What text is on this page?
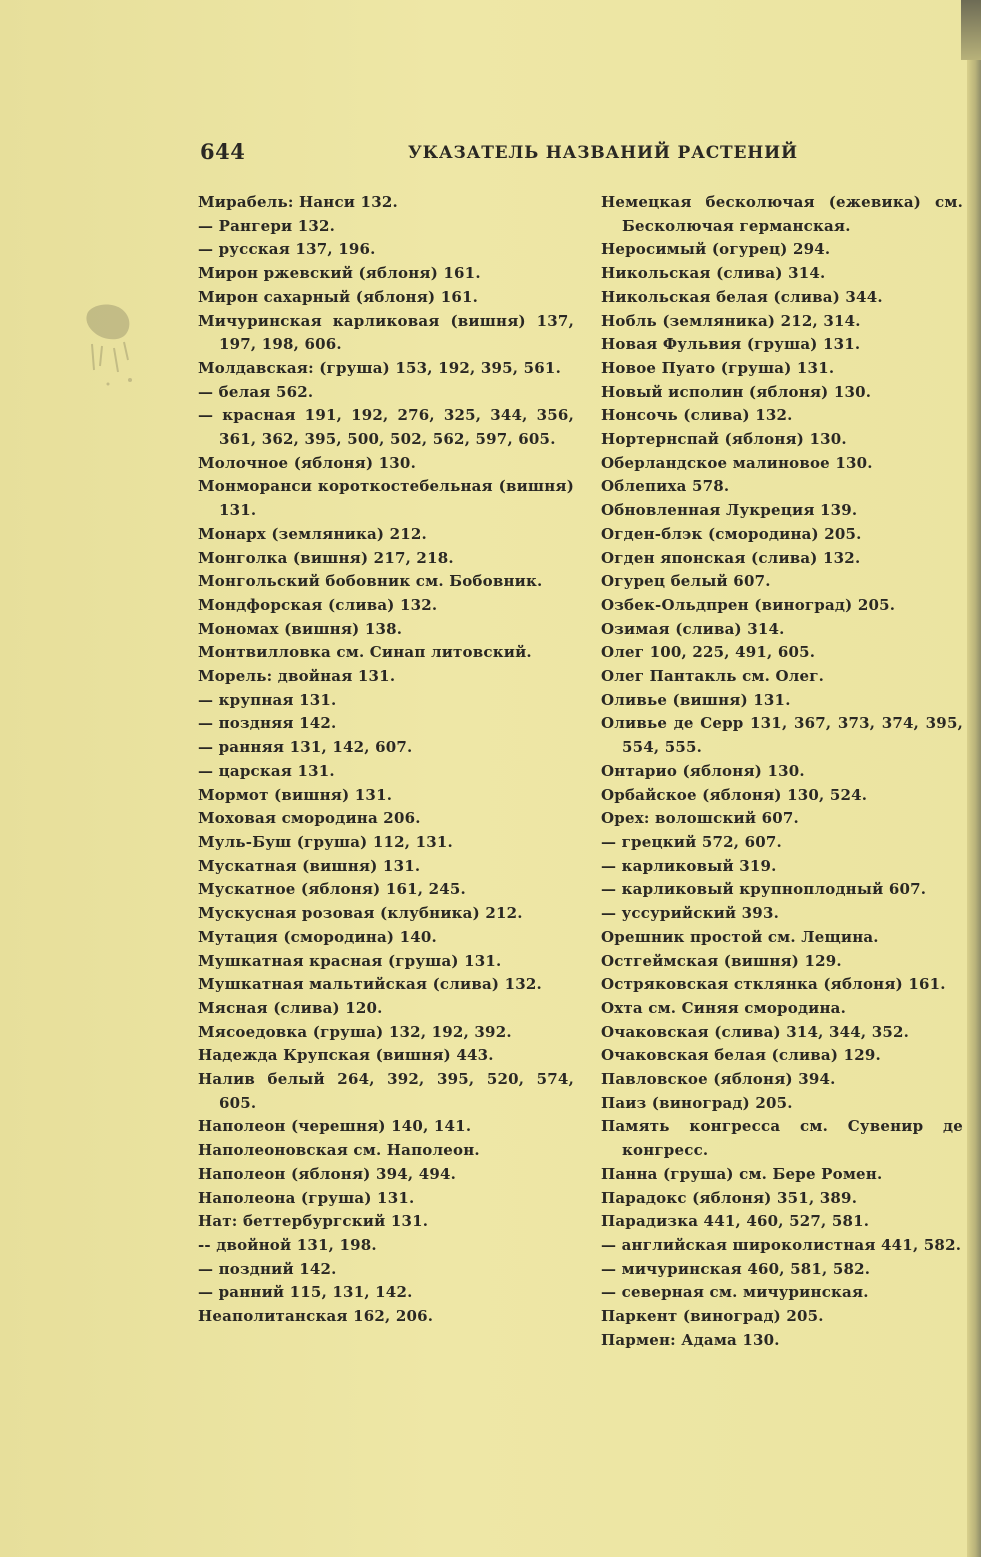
644	УКАЗАТЕЛЬ НАЗВАНИЙ РАСТЕНИЙ
Мирабель: Нанси 132.
— Рангери 132.
— русская 137, 196.
Мирон ржевский (яблоня) 161.
Мирон сахарный (яблоня) 161.
Мичуринская карликовая (вишня) 137, 197, 198, 606.
Молдавская: (груша) 153, 192, 395, 561.
— белая 562.
— красная 191, 192, 276, 325, 344, 356, 361, 362, 395, 500, 502, 562, 597, 605.
Молочное (яблоня) 130.
Монморанси короткостебельная (вишня) 131.
Монарх (земляника) 212.
Монголка (вишня) 217, 218.
Монгольский бобовник см. Бобовник.
Мондфорская (слива) 132.
Мономах (вишня) 138.
Монтвилловка см. Синап литовский.
Морель: двойная 131.
— крупная 131.
— поздняя 142.
— ранняя 131, 142, 607.
— царская 131.
Мормот (вишня) 131.
Моховая смородина 206.
Муль-Буш (груша) 112, 131.
Мускатная (вишня) 131.
Мускатное (яблоня) 161, 245.
Мускусная розовая (клубника) 212.
Мутация (смородина) 140.
Мушкатная красная (груша) 131.
Мушкатная мальтийская (слива) 132.
Мясная (слива) 120.
Мясоедовка (груша) 132, 192, 392.
Надежда Крупская (вишня) 443.
Налив белый 264, 392, 395, 520, 574, 605.
Наполеон (черешня) 140, 141.
Наполеоновская см. Наполеон.
Наполеон (яблоня) 394, 494.
Наполеона (груша) 131.
Нат: беттербургский 131.
-- двойной 131, 198.
— поздний 142.
— ранний 115, 131, 142.
Неаполитанская 162, 206.
Немецкая бесколючая (ежевика) см. Бесколючая германская.
Неросимый (огурец) 294.
Никольская (слива) 314.
Никольская белая (слива) 344.
Нобль (земляника) 212, 314.
Новая Фульвия (груша) 131.
Новое Пуато (груша) 131.
Новый исполин (яблоня) 130.
Нонсочь (слива) 132.
Нортернспай (яблоня) 130.
Оберландское малиновое 130.
Облепиха 578.
Обновленная Лукреция 139.
Огден-блэк (смородина) 205.
Огден японская (слива) 132.
Огурец белый 607.
Озбек-Ольдпрен (виноград) 205.
Озимая (слива) 314.
Олег 100, 225, 491, 605.
Олег Пантакль см. Олег.
Оливье (вишня) 131.
Оливье де Серр 131, 367, 373, 374, 395, 554, 555.
Онтарио (яблоня) 130.
Орбайское (яблоня) 130, 524.
Орех: волошский 607.
— грецкий 572, 607.
— карликовый 319.
— карликовый крупноплодный 607.
— уссурийский 393.
Орешник простой см. Лещина.
Остгеймская (вишня) 129.
Остряковская стклянка (яблоня) 161.
Охта см. Синяя смородина.
Очаковская (слива) 314, 344, 352.
Очаковская белая (слива) 129.
Павловское (яблоня) 394.
Паиз (виноград) 205.
Память конгресса см. Сувенир де конгресс.
Панна (груша) см. Бере Ромен.
Парадокс (яблоня) 351, 389.
Парадизка 441, 460, 527, 581.
— английская широколистная 441, 582.
— мичуринская 460, 581, 582.
— северная см. мичуринская.
Паркент (виноград) 205.
Пармен: Адама 130.
